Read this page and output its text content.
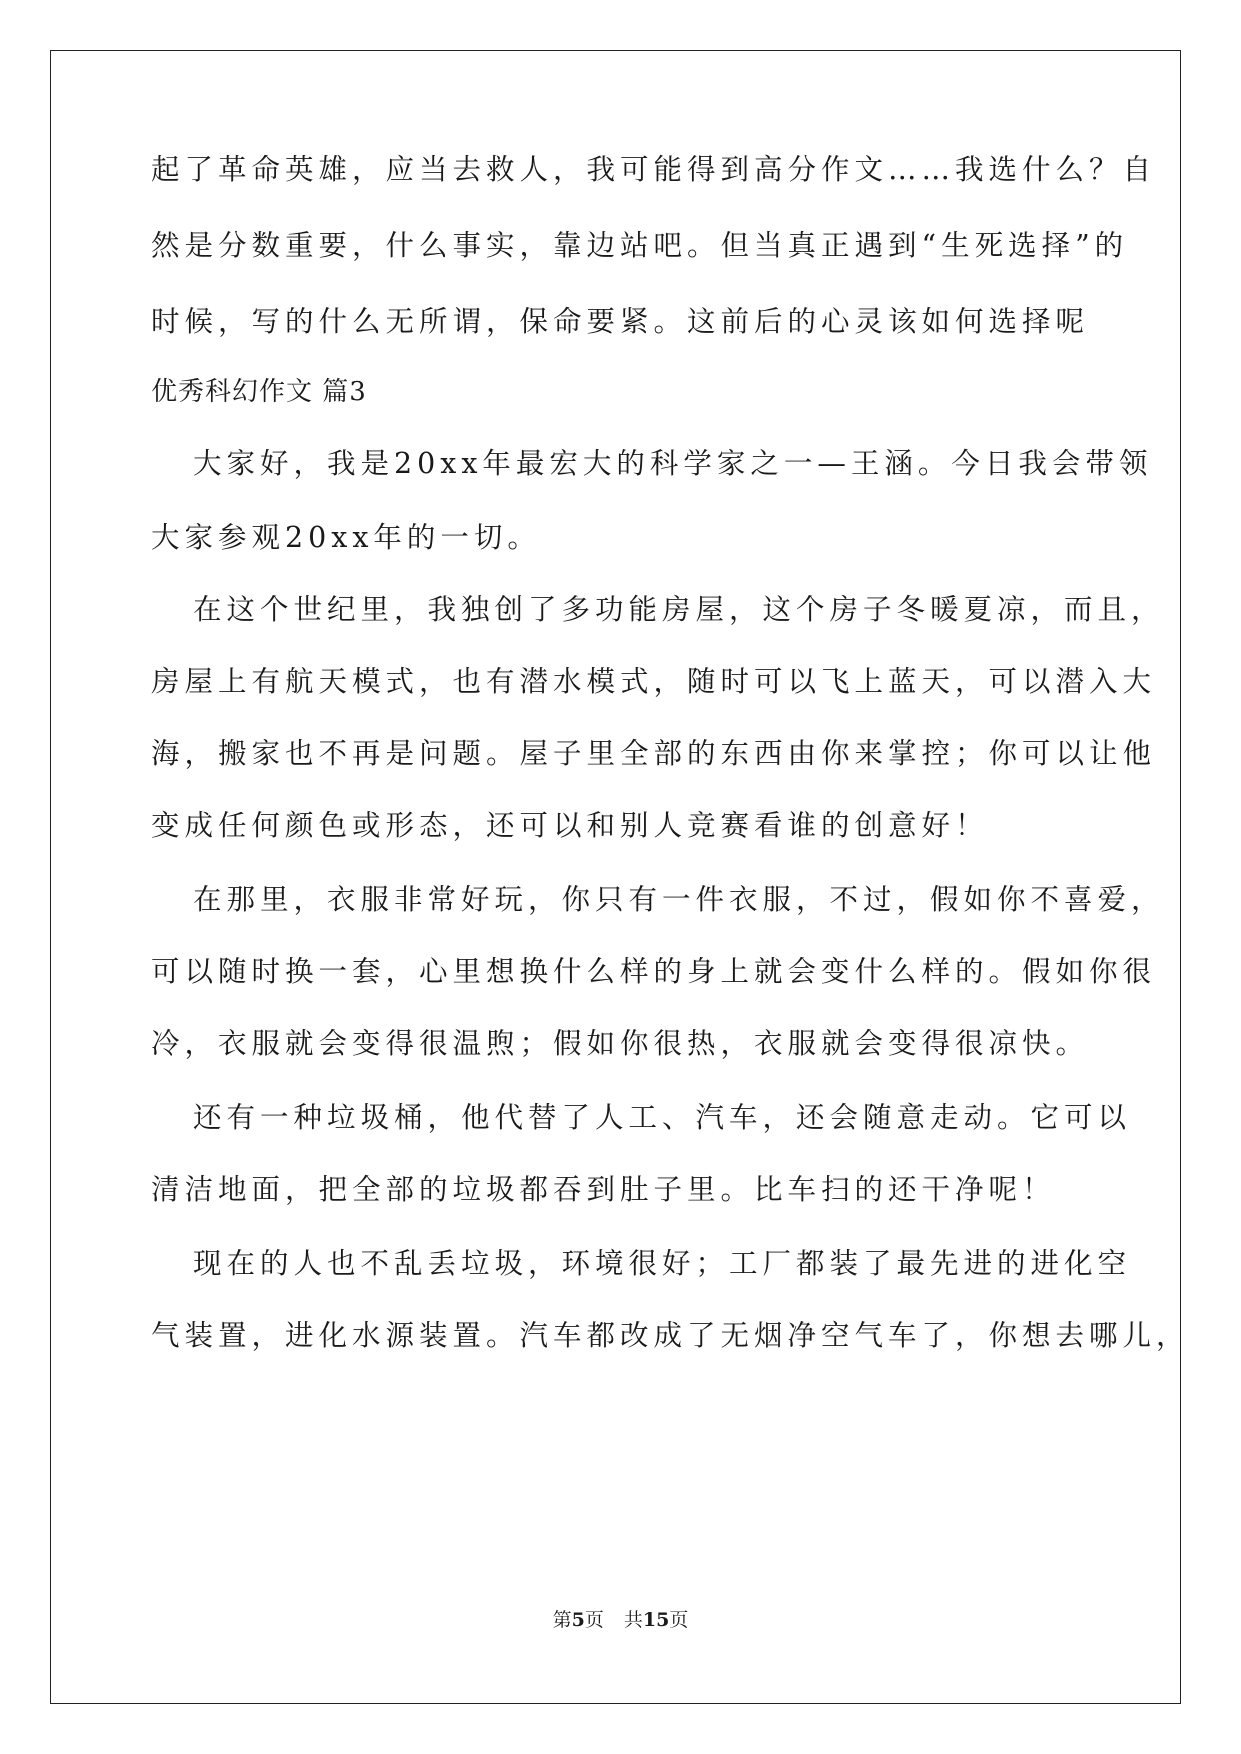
起了革命英雄，应当去救人，我可能得到高分作文……我选什么？自
然是分数重要，什么事实，靠边站吧。但当真正遇到“生死选择”的
时候，写的什么无所谓，保命要紧。这前后的心灵该如何选择呢
优秀科幻作文 篇3
大家好，我是20xx年最宏大的科学家之一—王涵。今日我会带领
大家参观20xx年的一切。
在这个世纪里，我独创了多功能房屋，这个房子冬暖夏凉，而且，
房屋上有航天模式，也有潜水模式，随时可以飞上蓝天，可以潜入大
海，搬家也不再是问题。屋子里全部的东西由你来掌控；你可以让他
变成任何颜色或形态，还可以和别人竞赛看谁的创意好！
在那里，衣服非常好玩，你只有一件衣服，不过，假如你不喜爱，
可以随时换一套，心里想换什么样的身上就会变什么样的。假如你很
冷，衣服就会变得很温煦；假如你很热，衣服就会变得很凉快。
还有一种垃圾桶，他代替了人工、汽车，还会随意走动。它可以
清洁地面，把全部的垃圾都吞到肚子里。比车扫的还干净呢！
现在的人也不乱丢垃圾，环境很好；工厂都装了最先进的进化空
气装置，进化水源装置。汽车都改成了无烟净空气车了，你想去哪儿，
第5页 共15页
